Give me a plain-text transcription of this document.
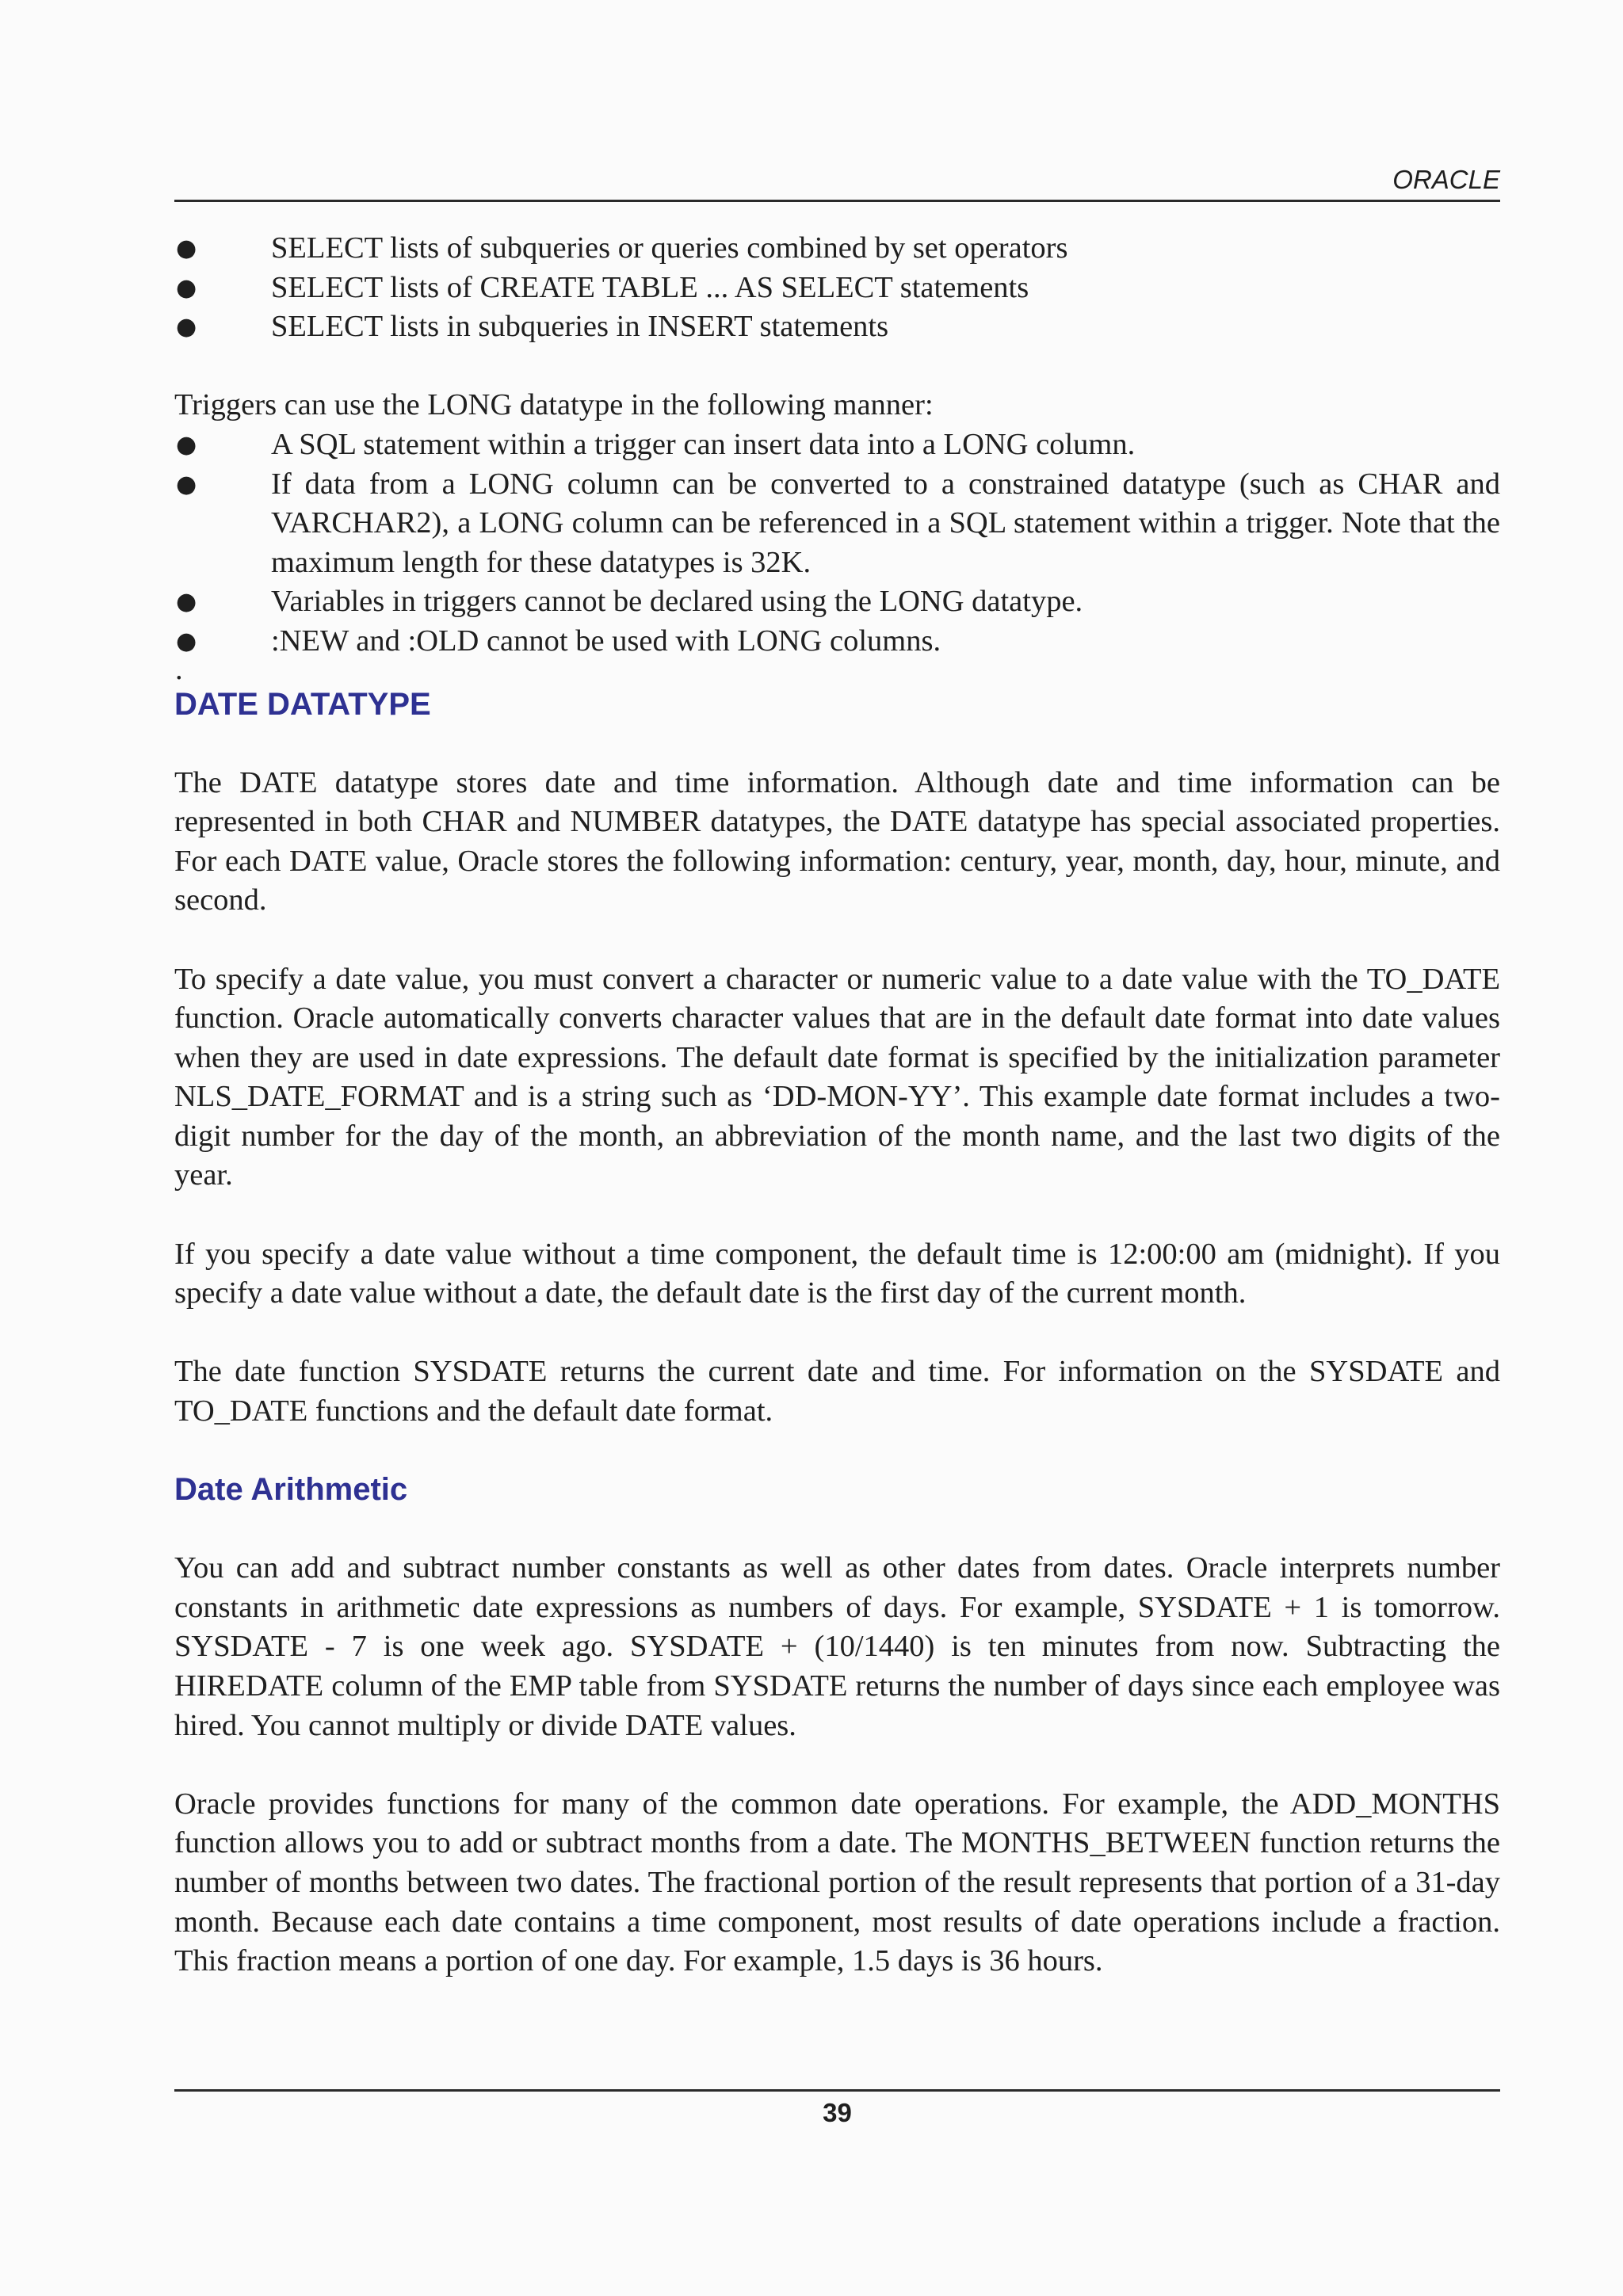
ORACLE
● SELECT lists of subqueries or queries combined by set operators
● SELECT lists of CREATE TABLE ... AS SELECT statements
● SELECT lists in subqueries in INSERT statements

Triggers can use the LONG datatype in the following manner:

● A SQL statement within a trigger can insert data into a LONG column.
● If data from a LONG column can be converted to a constrained datatype (such as CHAR and VARCHAR2), a LONG column can be referenced in a SQL statement within a trigger. Note that the maximum length for these datatypes is 32K.
● Variables in triggers cannot be declared using the LONG datatype.
● :NEW and :OLD cannot be used with LONG columns.
.
DATE DATATYPE

The DATE datatype stores date and time information. Although date and time information can be represented in both CHAR and NUMBER datatypes, the DATE datatype has special associated properties. For each DATE value, Oracle stores the following information: century, year, month, day, hour, minute, and second.

To specify a date value, you must convert a character or numeric value to a date value with the TO_DATE function. Oracle automatically converts character values that are in the default date format into date values when they are used in date expressions. The default date format is specified by the initialization parameter NLS_DATE_FORMAT and is a string such as ‘DD-MON-YY’. This example date format includes a two-digit number for the day of the month, an abbreviation of the month name, and the last two digits of the year.

If you specify a date value without a time component, the default time is 12:00:00 am (midnight). If you specify a date value without a date, the default date is the first day of the current month.

The date function SYSDATE returns the current date and time. For information on the SYSDATE and TO_DATE functions and the default date format.

Date Arithmetic

You can add and subtract number constants as well as other dates from dates. Oracle interprets number constants in arithmetic date expressions as numbers of days. For example, SYSDATE + 1 is tomorrow. SYSDATE - 7 is one week ago. SYSDATE + (10/1440) is ten minutes from now. Subtracting the HIREDATE column of the EMP table from SYSDATE returns the number of days since each employee was hired. You cannot multiply or divide DATE values.

Oracle provides functions for many of the common date operations. For example, the ADD_MONTHS function allows you to add or subtract months from a date. The MONTHS_BETWEEN function returns the number of months between two dates. The fractional portion of the result represents that portion of a 31-day month. Because each date contains a time component, most results of date operations include a fraction. This fraction means a portion of one day. For example, 1.5 days is 36 hours.

39
